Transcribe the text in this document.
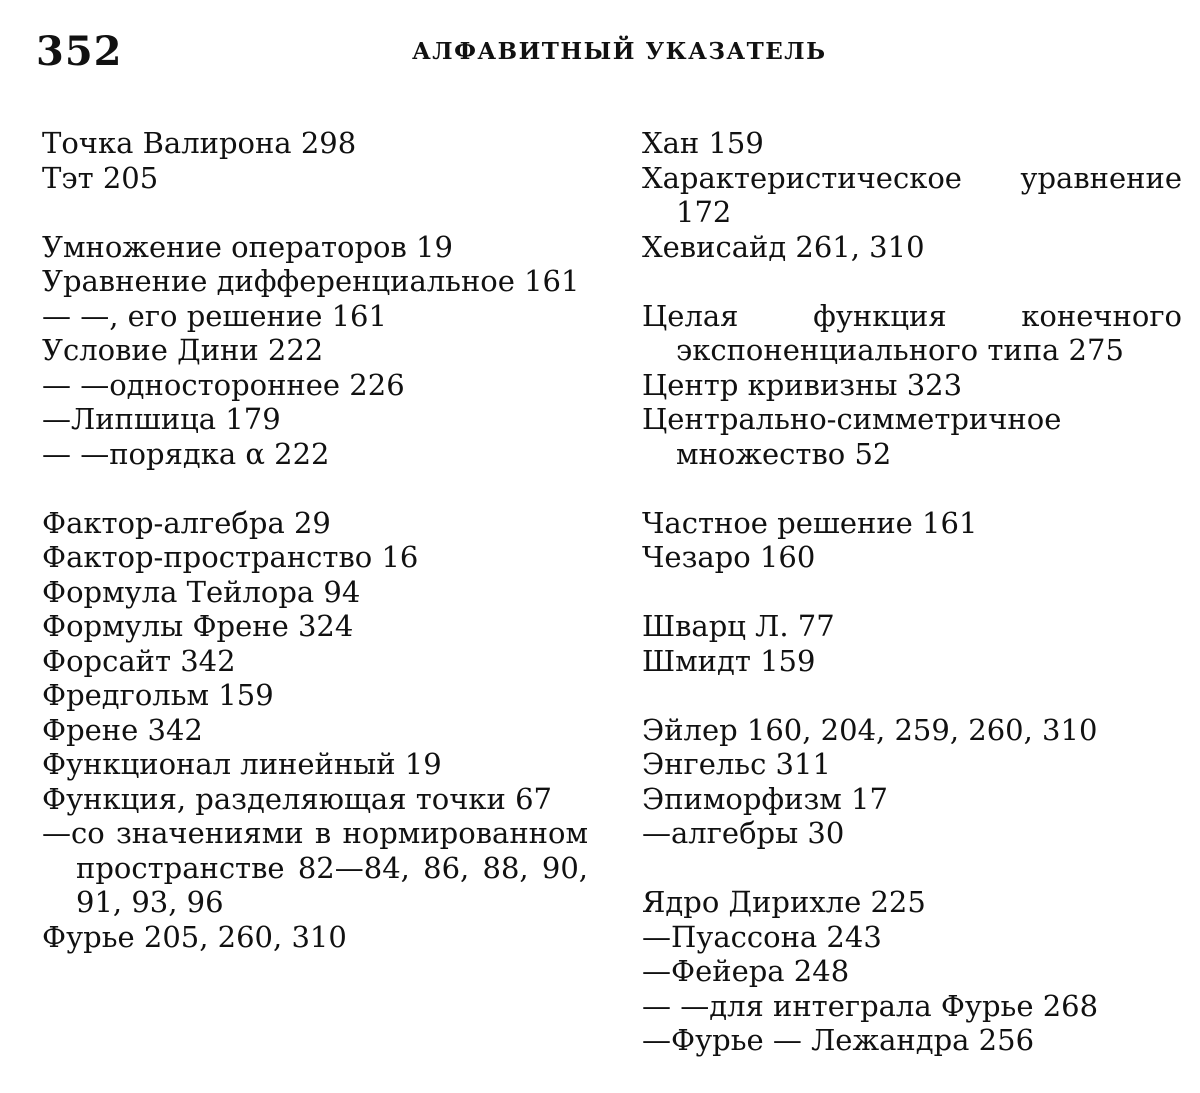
352	АЛФАВИТНЫЙ УКАЗАТЕЛЬ
Точка Валирона 298
Тэт 205
Умножение операторов 19
Уравнение дифференциальное 161
— —, его решение 161
Условие Дини 222
— —одностороннее 226
—Липшица 179
— —порядка α 222
Фактор-алгебра 29
Фактор-пространство 16
Формула Тейлора 94
Формулы Френе 324
Форсайт 342
Фредгольм 159
Френе 342
Функционал линейный 19
Функция, разделяющая точки 67
—со значениями в нормированном пространстве 82—84, 86, 88, 90, 91, 93, 96
Фурье 205, 260, 310
Хан 159
Характеристическое уравнение 172
Хевисайд 261, 310
Целая функция конечного экспоненциального типа 275
Центр кривизны 323
Центрально-симметричное множество 52
Частное решение 161
Чезаро 160
Шварц Л. 77
Шмидт 159
Эйлер 160, 204, 259, 260, 310
Энгельс 311
Эпиморфизм 17
—алгебры 30
Ядро Дирихле 225
—Пуассона 243
—Фейера 248
— —для интеграла Фурье 268
—Фурье — Лежандра 256
